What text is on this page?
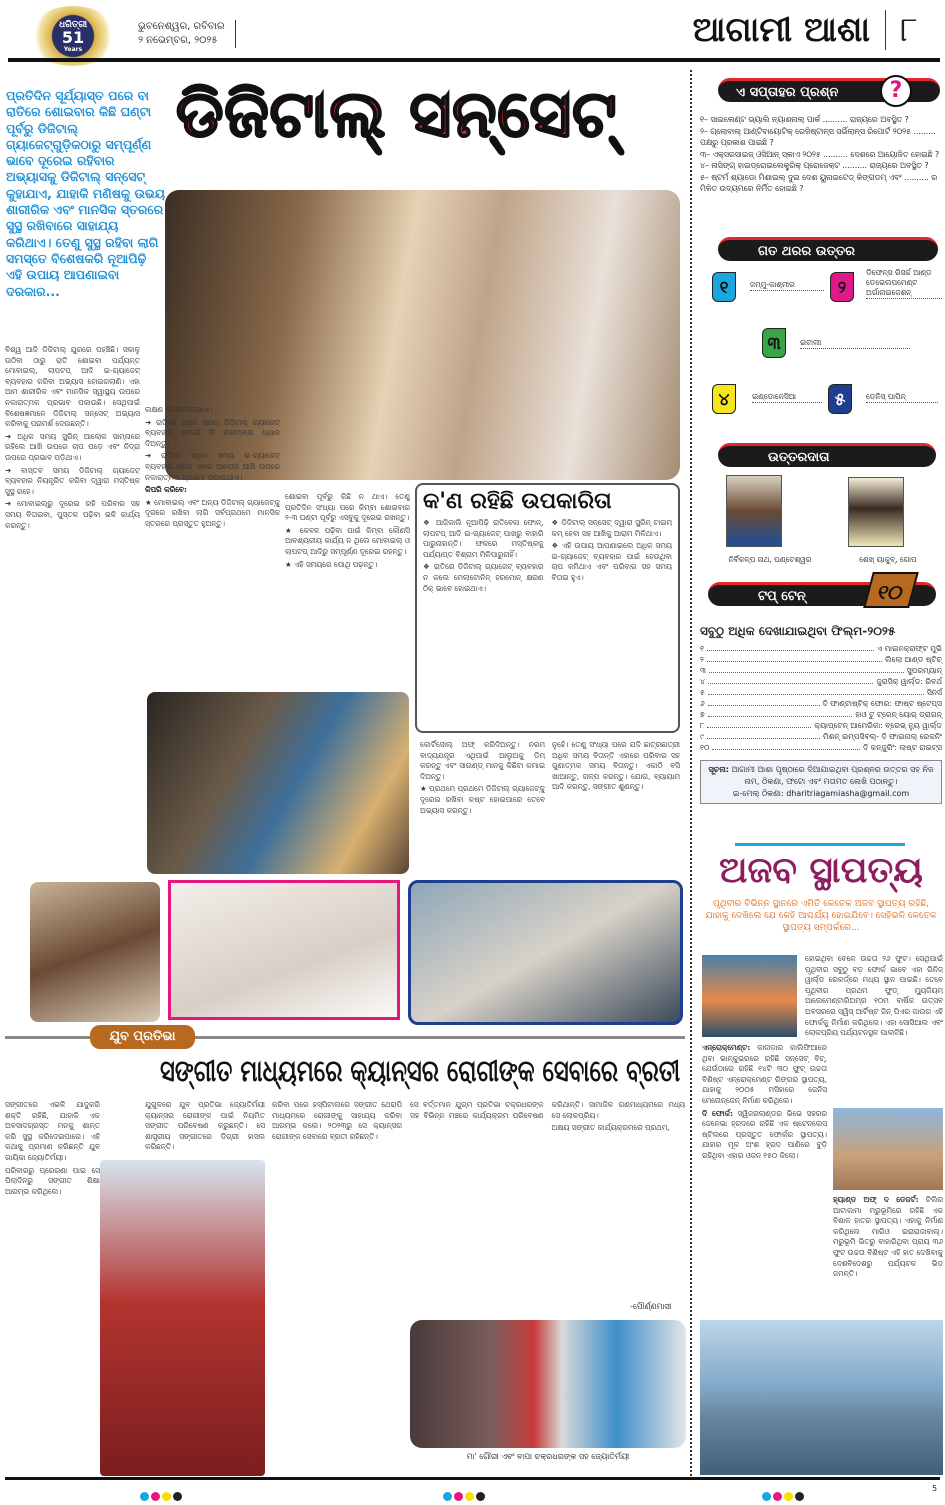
ଧରିତ୍ରୀ
51
Years
ଭୁବନେଶ୍ୱର, ରବିବାର
୨ ନଭେମ୍ବର, ୨୦୨୫	ଆଗାମୀ ଆଶା ୮
ପ୍ରତିଦିନ ସୂର୍ଯ୍ୟାସ୍ତ ପରେ ବା ରାତିରେ ଶୋଇବାର କିଛି ଘଣ୍ଟା ପୂର୍ବରୁ ଡିଜିଟାଲ୍ ଗ୍ୟାଜେଟ୍‌ଗୁଡ଼ିକଠାରୁ ସମ୍ପୂର୍ଣ୍ଣ ଭାବେ ଦୂରେଇ ରହିବାର ଅଭ୍ୟାସକୁ ଡିଜିଟାଲ୍ ସନ୍‌ସେଟ୍ କୁହାଯାଏ, ଯାହାକି ମଣିଷକୁ ଉଭୟ ଶାରୀରିକ ଏବଂ ମାନସିକ ସ୍ତରରେ ସୁସ୍ଥ ରଖିବାରେ ସାହାଯ୍ୟ କରିଥାଏ। ତେଣୁ ସୁସ୍ଥ ରହିବା ଲାଗି ସମସ୍ତେ ବିଶେଷକରି ନୂଆପିଢ଼ି ଏହି ଉପାୟ ଆପଣାଇବା ଦରକାର...
ଡିଜିଟାଲ୍ ସନ୍‌ସେଟ୍

ବିଶ୍ୱ ଆଜି ଡିଜିଟାଲ୍ ଯୁଗରେ ପହଞ୍ଚିଛି। ସକାଳୁ ଉଠିବା ଠାରୁ ରାତି ଶୋଇବା ପର୍ଯ୍ୟନ୍ତ ମୋବାଇଲ୍, ଲାପଟପ୍ ଆଦି ଇ-ଗ୍ୟାଜେଟ୍ ବ୍ୟବହାର କରିବା ଅଭ୍ୟାସ ହୋଇଗଲାଣି। ଏହା ଆମ ଶାରୀରିକ ଏବଂ ମାନସିକ ସ୍ୱାସ୍ଥ୍ୟ ଉପରେ ନକାରାତ୍ମକ ପ୍ରଭାବ ପକାଉଛି। ସେଥିପାଇଁ ବିଶେଷଜ୍ଞମାନେ ଡିଜିଟାଲ୍ ସନ୍‌ସେଟ୍ ଅଭ୍ୟାସ କରିବାକୁ ପରାମର୍ଶ ଦେଉଛନ୍ତି।

➔ ଅଧିକ ସମୟ ସ୍କ୍ରିନ୍ ଆଲୋକ ସାମ୍ନାରେ ରହିଲେ ଆଖି ଉପରେ ଚାପ ପଡ଼େ ଏବଂ ନିଦ୍ରା ଉପରେ ପ୍ରଭାବ ପଡ଼ିଥାଏ।

➔ ବାସ୍ତବ ସମୟ ଡିଜିଟାଲ୍ ଗ୍ୟାଜେଟ୍ ବ୍ୟବହାର ନିୟନ୍ତ୍ରିତ କରିବା ଦ୍ୱାରା ମସ୍ତିଷ୍କ ସୁସ୍ଥ ରହେ।

➔ ମୋବାଇଲ୍‌ରୁ ଦୂରେଇ ରହି ପରିବାର ସହ ସମୟ ବିତାଇବା, ପୁସ୍ତକ ପଢ଼ିବା ଭଳି କାର୍ଯ୍ୟ କରନ୍ତୁ।

ଲକ୍ଷଣ ଦେଖାଦେଉଥାଏ।

➔ ରାତିରେ ଅଧିକ ସମୟ ଡିଜିଟାଲ୍ ଗ୍ୟାଜେଟ୍ ବ୍ୟବହାର ହେଉଛି କି ବାରମ୍ବାର ଧ୍ୟାନ ଦିଅନ୍ତୁ।

➔ ରାତିରେ ଅଧିକ ସମୟ ଇ-ଗ୍ୟାଜେଟ୍ ବ୍ୟବହାର କଲେ ଏହାର ଆଲୋକ ଆଖି ଉପରେ ନକାରାତ୍ମକ ପ୍ରଭାବ ପକାଇଥାଏ।

କିପରି କରିବେ:

★ ମୋବାଇଲ୍ ଏବଂ ଅନ୍ୟ ଡିଜିଟାଲ୍ ଗ୍ୟାଜେଟ୍‌କୁ ଦୂରରେ ରଖିବା ଲାଗି ସର୍ବପ୍ରଥମେ ମାନସିକ ସ୍ତରରେ ପ୍ରସ୍ତୁତ ହୁଅନ୍ତୁ।

ଶୋଇବା ପୂର୍ବରୁ କିଛି ନ ଥାଏ। ତେଣୁ ପ୍ରତିଦିନ ସଂଧ୍ୟା ପରେ କିମ୍ବା ଶୋଇବାର ୨-୩ ଘଣ୍ଟା ପୂର୍ବରୁ ଏସବୁକୁ ଦୂରେଇ ରଖନ୍ତୁ।

★ କେବଳ ପଢ଼ିବା ପାଇଁ କିମ୍ବା କୌଣସି ଆବଶ୍ୟକୀୟ କାର୍ଯ୍ୟ ନ ଥିଲେ ମୋବାଇଲ୍ ଓ ଲାପଟପ୍ ଆଦିରୁ ସମ୍ପୂର୍ଣ୍ଣ ଦୂରେଇ ରହନ୍ତୁ।

★ ଏହି ସମୟରେ ପୋଥି ପଢ଼ନ୍ତୁ।

କ'ଣ ରହିଛି ଉପକାରିତା

❖ ଆଜିକାଲି ନୂଆପିଢ଼ି ରାତିବେଳା ଫୋନ୍, ଲାପଟପ୍ ଆଦି ଇ-ଗ୍ୟାଜେଟ୍ ପାଖରୁ ବାହାରି ପାରୁନାହାନ୍ତି। ଫଳରେ ମସ୍ତିଷ୍କକୁ ପର୍ଯ୍ୟାପ୍ତ ବିଶ୍ରାମ ମିଳିପାରୁନାହିଁ।

❖ ରାତିରେ ଡିଜିଟାଲ୍ ଗ୍ୟାଜେଟ୍ ବ୍ୟବହାର ନ କଲେ ମେଲାଟୋନିନ୍ ହରମୋନ୍ କ୍ଷରଣ ଠିକ୍ ଭାବେ ହୋଇଥାଏ।

❖ ଡିଜିଟାଲ୍ ସନ୍‌ସେଟ୍ ଦ୍ୱାରା ସ୍କ୍ରିନ୍ ଟାଇମ୍ କମ୍ ହେବା ସହ ଆଖିକୁ ଆରାମ ମିଳିଥାଏ।

❖ ଏହି ଉପାୟ ଆପଣାଇଲେ ଅଧିକ ସମୟ ଇ-ଗ୍ୟାଜେଟ୍ ବ୍ୟବହାର ପାଇଁ ହେଉଥିବା ଚାପ କମିଥାଏ ଏବଂ ପରିବାର ସହ ସମୟ ବିତାଇ ହୁଏ।

କୋର୍ଟିସୋଲ୍ ଅଫ୍ କରିଦିଅନ୍ତୁ। ନରମ ବାଦ୍ୟଯନ୍ତ୍ର ଏଥିପାଇଁ ଆଲୁଅକୁ ଡିମ୍ କରନ୍ତୁ ଏବଂ ସାଉଣ୍ଡ୍ ମାନକୁ କିଛିଟା କମାଇ ଦିଅନ୍ତୁ।

★ ପ୍ରଥମେ ପ୍ରଥମେ ଡିଜିଟାଲ୍ ଗ୍ୟାଜେଟ୍‌କୁ ଦୂରେଇ ରଖିବା କଷ୍ଟ ହୋଇପାରେ ତେବେ ଅଭ୍ୟାସ କରନ୍ତୁ।

ନୁହେଁ। ତେଣୁ ସଂଧ୍ୟା ପରେ ଯଦି ଛାତ୍ରଛାତ୍ରୀ ଅଧିକ ସମୟ ବିତାନ୍ତି ଏହାରେ ପରିବାର ସହ ଗୁଣାତ୍ମକ ସମୟ ବିତାନ୍ତୁ। ଏକାଠି ବସି ଖାଆନ୍ତୁ, ଗଳ୍ପ କରନ୍ତୁ। ଯୋଗ, ବ୍ୟାୟାମ ଆଦି କରନ୍ତୁ, ସଙ୍ଗୀତ ଶୁଣନ୍ତୁ।

ଯୁବ ପ୍ରତିଭା
ସଙ୍ଗୀତ ମାଧ୍ୟମରେ କ୍ୟାନ୍ସର ରୋଗୀଙ୍କ ସେବାରେ ବ୍ରତୀ

ସଙ୍ଗୀତରେ ଏଭଳି ଯାଦୁକରି ଶକ୍ତି ରହିଛି, ଯାହାକି ଏକ ଅବସାଦଗ୍ରସ୍ତ ମନକୁ ଶାନ୍ତ କରି ସୁସ୍ଥ କରିଦେଇପାରେ। ଏହି କଥାକୁ ପ୍ରମାଣ କରିଛନ୍ତି ଯୁବ ଗାୟିକା ଜ୍ୟୋତିର୍ମୟୀ।

ପରିବାରରୁ ପ୍ରେରଣା ପାଇ ସେ ପିଲାଦିନରୁ ସଙ୍ଗୀତ ଶିକ୍ଷା ଆରମ୍ଭ କରିଥିଲେ।

ଯୁଗୁଳରେ ଯୁବ ପ୍ରତିଭା ଜ୍ୟୋତିର୍ମୟୀ କ୍ୟାନ୍ସର ରୋଗୀଙ୍କ ପାଇଁ ନିୟମିତ ସଙ୍ଗୀତ ପରିବେଷଣ କରୁଛନ୍ତି। ସେ ଶାସ୍ତ୍ରୀୟ ସଙ୍ଗୀତରେ ଡିଗ୍ରୀ ହାସଲ କରିଛନ୍ତି।

କରିବା ପରେ ହସ୍ପିଟାଲରେ ସଙ୍ଗୀତ ଥେରାପି ମାଧ୍ୟମରେ ରୋଗୀଙ୍କୁ ସାହାଯ୍ୟ କରିବା ଆରମ୍ଭ କଲେ। ୨୦୨୩ରୁ ସେ କ୍ୟାନ୍ସର ରୋଗୀଙ୍କ ସେବାରେ ବ୍ରତୀ ରହିଛନ୍ତି।

ସେ ବର୍ତ୍ତମାନ ଯୁଗ୍ମ ପ୍ରତିଭା ଚକ୍ରଧରଙ୍କ ସହ ବିଭିନ୍ନ ମଞ୍ଚରେ କାର୍ଯ୍ୟକ୍ରମ ପରିବେଷଣ କରିଥାନ୍ତି। ସାମାଜିକ ଗଣମାଧ୍ୟମରେ ମଧ୍ୟ ସେ ଲୋକପ୍ରିୟ।

ଅକ୍ଷୟ ସଙ୍ଗୀତ କାର୍ଯ୍ୟକ୍ରମରେ ପ୍ରଥମ,

-ପୌର୍ଣ୍ଣମାସୀ
ମା' ଗୌରୀ ଏବଂ ବାପା ଚକ୍ରଧରଙ୍କ ସହ ଜ୍ୟୋତିର୍ମୟୀ
ଏ ସପ୍ତାହର ପ୍ରଶ୍ନ	?
୧– ସାଇଲେଣ୍ଟ ଭ୍ୟାଲି ନ୍ୟାଶନାଲ୍ ପାର୍କ .......... ରାଜ୍ୟରେ ଅବସ୍ଥିତ ?
୨– ଗ୍ଲୋବାଲ୍ ଆଣ୍ଟିବାୟୋଟିକ୍ ରେଜିଷ୍ଟାନ୍ସ ସର୍ଭିଲାନ୍ସ ରିପୋର୍ଟ ୨୦୨୫ ......... ପକ୍ଷରୁ ପ୍ରକାଶ ପାଇଛି ?
୩– ଏକ୍ସରସାଇଜ୍ ଓସିଆନ୍ ସ୍କାଏ ୨୦୨୫ .......... ଦେଶରେ ଆୟୋଜିତ ହୋଇଛି ?
୪– ନାସିଙ୍ଗ୍ ହାଇଡ୍ରୋଇଲେକ୍ଟ୍ରିକ୍ ପ୍ରୋଜେକ୍ଟ .......... ରାଜ୍ୟରେ ଅବସ୍ଥିତ ?
୫– ଷ୍ଟର୍ମ ଶ୍ୟାଡୋ ମିଶାଇଲ୍ ଦୁଇ ଦେଶ ୟୁନାଇଟେଡ୍ କିଙ୍ଗଡମ୍ ଏବଂ .......... ର ମିଳିତ ଉଦ୍ୟମରେ ନିର୍ମିତ ହୋଇଛି ?
ଗତ ଥରର ଉତ୍ତର
୧	ଜମ୍ମୁ-କାଶ୍ମୀର	୨
ଡିଫେନ୍ସ ରିସର୍ଚ୍ଚ ଆଣ୍ଡ ଡେଭେଲପମେଣ୍ଟ ଅର୍ଗାନାଇଜେଶନ୍
୩	ଇଟାଲୀ
୪	ଇଣ୍ଡୋନେସିଆ	୫	ଡେନିସ୍ ପାପିନ୍
ଉତ୍ତରଦାତା
ନିର୍ବିକଳ୍ପ ନାଥ, ଘଣ୍ଟେଶ୍ୱର	ଶେଖ୍ ୟାକୁବ୍, ଗୋପ
ଟପ୍ ଟେନ୍	୧୦
ସବୁଠୁ ଅଧିକ ଦେଖାଯାଇଥିବା ଫିଲ୍ମ-୨୦୨୫
୧	ଏ ମାଇନକ୍ରାଫ୍ଟ ମୁଭି
୨	ଲିଲୋ ଆଣ୍ଡ ଷ୍ଟିଚ୍
୩	ସୁପରମ୍ୟାନ୍
୪	ଜୁରାସିକ୍ ୱାର୍ଲ୍ଡ: ରିବର୍ଥ
୫	ସିନର୍ସ
୬	ଦି ଫାଣ୍ଟାଷ୍ଟିକ୍ ଫୋର: ଫାଷ୍ଟ ଷ୍ଟେପ୍ସ
୭	ହାଓ ଟୁ ଟ୍ରେନ୍ ୟୋର୍ ଡ୍ରାଗନ୍
୮	କ୍ୟାପ୍ଟେନ୍ ଆମେରିକା: ବ୍ରେଭ୍ ନ୍ୟୁ ୱାର୍ଲ୍ଡ
୯	ମିଶନ୍ ଇମ୍ପସିବଲ୍- ଦି ଫାଇନାଲ୍ ରେକନିଂ
୧୦	ଦି କନ୍‌ଜୁରିଂ: ଲାଷ୍ଟ ରାଇଟ୍ସ
ସୂଚନା: ଆଗାମୀ ଆଶା ପୃଷ୍ଠାରେ ଦିଆଯାଇଥିବା ପ୍ରଶ୍ନର ଉତ୍ତର ସହ ନିଜ ନାମ, ଠିକଣା, ଫଟୋ ଏବଂ ମତାମତ ଲେଖି ପଠାନ୍ତୁ।
ଇ-ମେଲ୍ ଠିକଣା: dharitriagamiasha@gmail.com
ଅଜବ ସ୍ଥାପତ୍ୟ
ପୃଥିବୀର ବିଭିନ୍ନ ସ୍ଥାନରେ ଏମିତି କେତେକ ଅଜବ ସ୍ଥାପତ୍ୟ ରହିଛି, ଯାହାକୁ ଦେଖିଲେ ଯେ କେହି ଆଶ୍ଚର୍ଯ୍ୟ ହୋଇଯିବେ। ସେହିଭଳି କେତେକ ସ୍ଥାପତ୍ୟ ସମ୍ପର୍କରେ...
ହୋଇଥିବା ବେଳେ ଉଚ୍ଚତା ୨୬ ଫୁଟ। ସେଥିପାଇଁ ପୃଥିବୀର ସବୁଠୁ ବଡ଼ ଫୋର୍କ ଭାବେ ଏହା ଗିନିଜ୍ ୱାର୍ଲ୍ଡ ରେକର୍ଡ୍‌ରେ ମଧ୍ୟ ସ୍ଥାନ ପାଇଛି। ତେବେ ପୃଥିବୀର ପ୍ରଥମ ଫୁଡ୍ ମ୍ୟୁଜିୟମ୍ ଆଲେମେଣ୍ଟାରିଅମ୍‌ର ୧୦ମ ବାର୍ଷିକ ଉତ୍ସବ ଅବସରରେ ସ୍ୱିସ୍ ଆର୍ଟିଷ୍ଟ ଜିନ୍ ପିଏର ଜାଉଗ ଏହି ଫୋର୍କକୁ ନିର୍ମାଣ କରିଥିଲେ। ଏହା ସୋସିଆଲ ଏବଂ ଲୋକପ୍ରିୟ ପର୍ଯ୍ୟଟନସ୍ଥଳ ପାଲଟିଛି।

ଏନ୍‌ରୋକ୍‌ମେଣ୍ଟ: କାନାଡ଼ାର କାଲିଫିଆରେ ଥିବା ଭାନ୍‌କୁଭରରେ ରହିଛି ସନ୍‌ସେଟ୍ ବିଚ୍, ଯେଉଁଠାରେ ରହିଛି ୧୪ଟି ୩୦ ଫୁଟ୍ ଉଚ୍ଚତା ବିଶିଷ୍ଟ ଏନ୍‌ରୋକ୍‌ମେଣ୍ଟ ରିଙ୍ଗର ସ୍ଥାପତ୍ୟ, ଯାହାକୁ ୨୦୦୫ ମସିହାରେ ଜେନିସ୍ ମେନୋନ୍‌ଜେନ୍ ନିର୍ମାଣ କରିଥିଲେ।

ଦି ଫୋର୍କ: ସ୍ୱିଜରଲାଣ୍ଡର ଭିଭେ ସହରର ଜେନେଭା ହ୍ରଦରେ ରହିଛି ଏକ ଷ୍ଟେନଲେସ୍ ଷ୍ଟିଲରେ ପ୍ରସ୍ତୁତ ଫୋର୍କର ସ୍ଥାପତ୍ୟ। ଯାହାର ମୂଳ ଅଂଶ ହ୍ରଦ ପାଣିରେ ବୁଡ଼ି ରହିଥିବା ଏହାର ଓଜନ ୧୫୦ କିଲୋ।

ହ୍ୟାଣ୍ଡ ଅଫ୍ ଦ ଡେଜର୍ଟ: ଚିଲିର ଆଟାକାମା ମରୁଭୂମିରେ ରହିଛି ଏକ ବିଶାଳ ହାତର ସ୍ଥାପତ୍ୟ। ଏହାକୁ ନିର୍ମାଣ କରିଥିଲେ ମାରିଓ ଇରାରାଜାବାଲ୍। ମରୁଭୂମି ଭିତରୁ ବାହାରିଥିବା ପ୍ରାୟ ୩୬ ଫୁଟ ଉଚ୍ଚତା ବିଶିଷ୍ଟ ଏହି ହାତ ଦେଖିବାକୁ ଦେଶବିଦେଶରୁ ପର୍ଯ୍ୟଟକ ଭିଡ଼ ଜମନ୍ତି।
5
